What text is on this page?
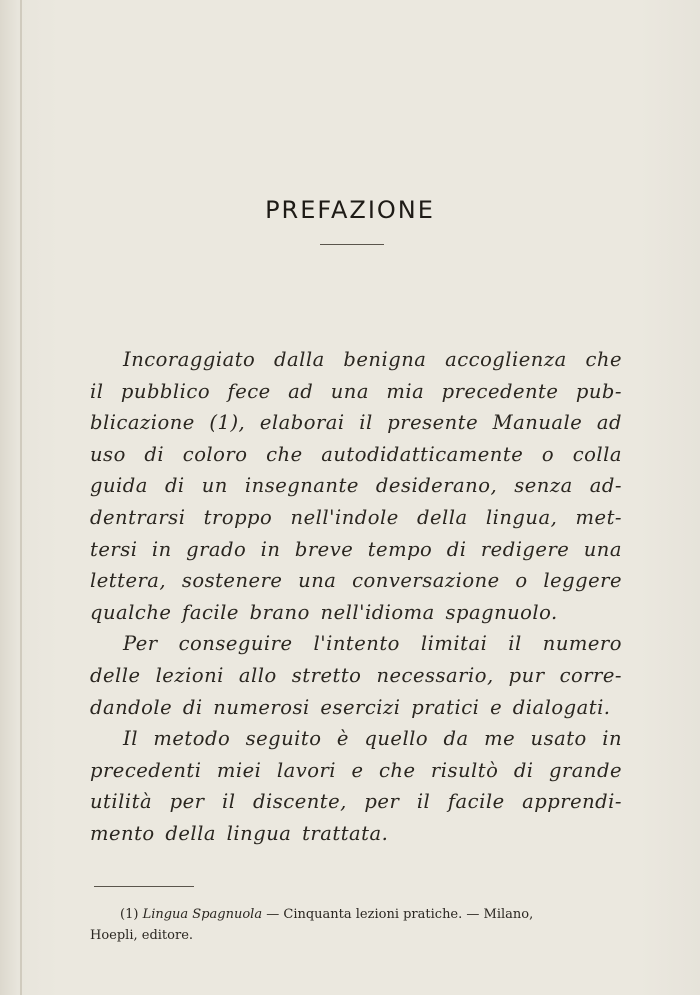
PREFAZIONE

Incoraggiato dalla benigna accoglienza che
il pubblico fece ad una mia precedente pub-
blicazione (1), elaborai il presente Manuale ad
uso di coloro che autodidatticamente o colla
guida di un insegnante desiderano, senza ad-
dentrarsi troppo nell'indole della lingua, met-
tersi in grado in breve tempo di redigere una
lettera, sostenere una conversazione o leggere
qualche facile brano nell'idioma spagnuolo.

Per conseguire l'intento limitai il numero
delle lezioni allo stretto necessario, pur corre-
dandole di numerosi esercizi pratici e dialogati.

Il metodo seguito è quello da me usato in
precedenti miei lavori e che risultò di grande
utilità per il discente, per il facile apprendi-
mento della lingua trattata.

(1) Lingua Spagnuola — Cinquanta lezioni pratiche. — Milano,
Hoepli, editore.
